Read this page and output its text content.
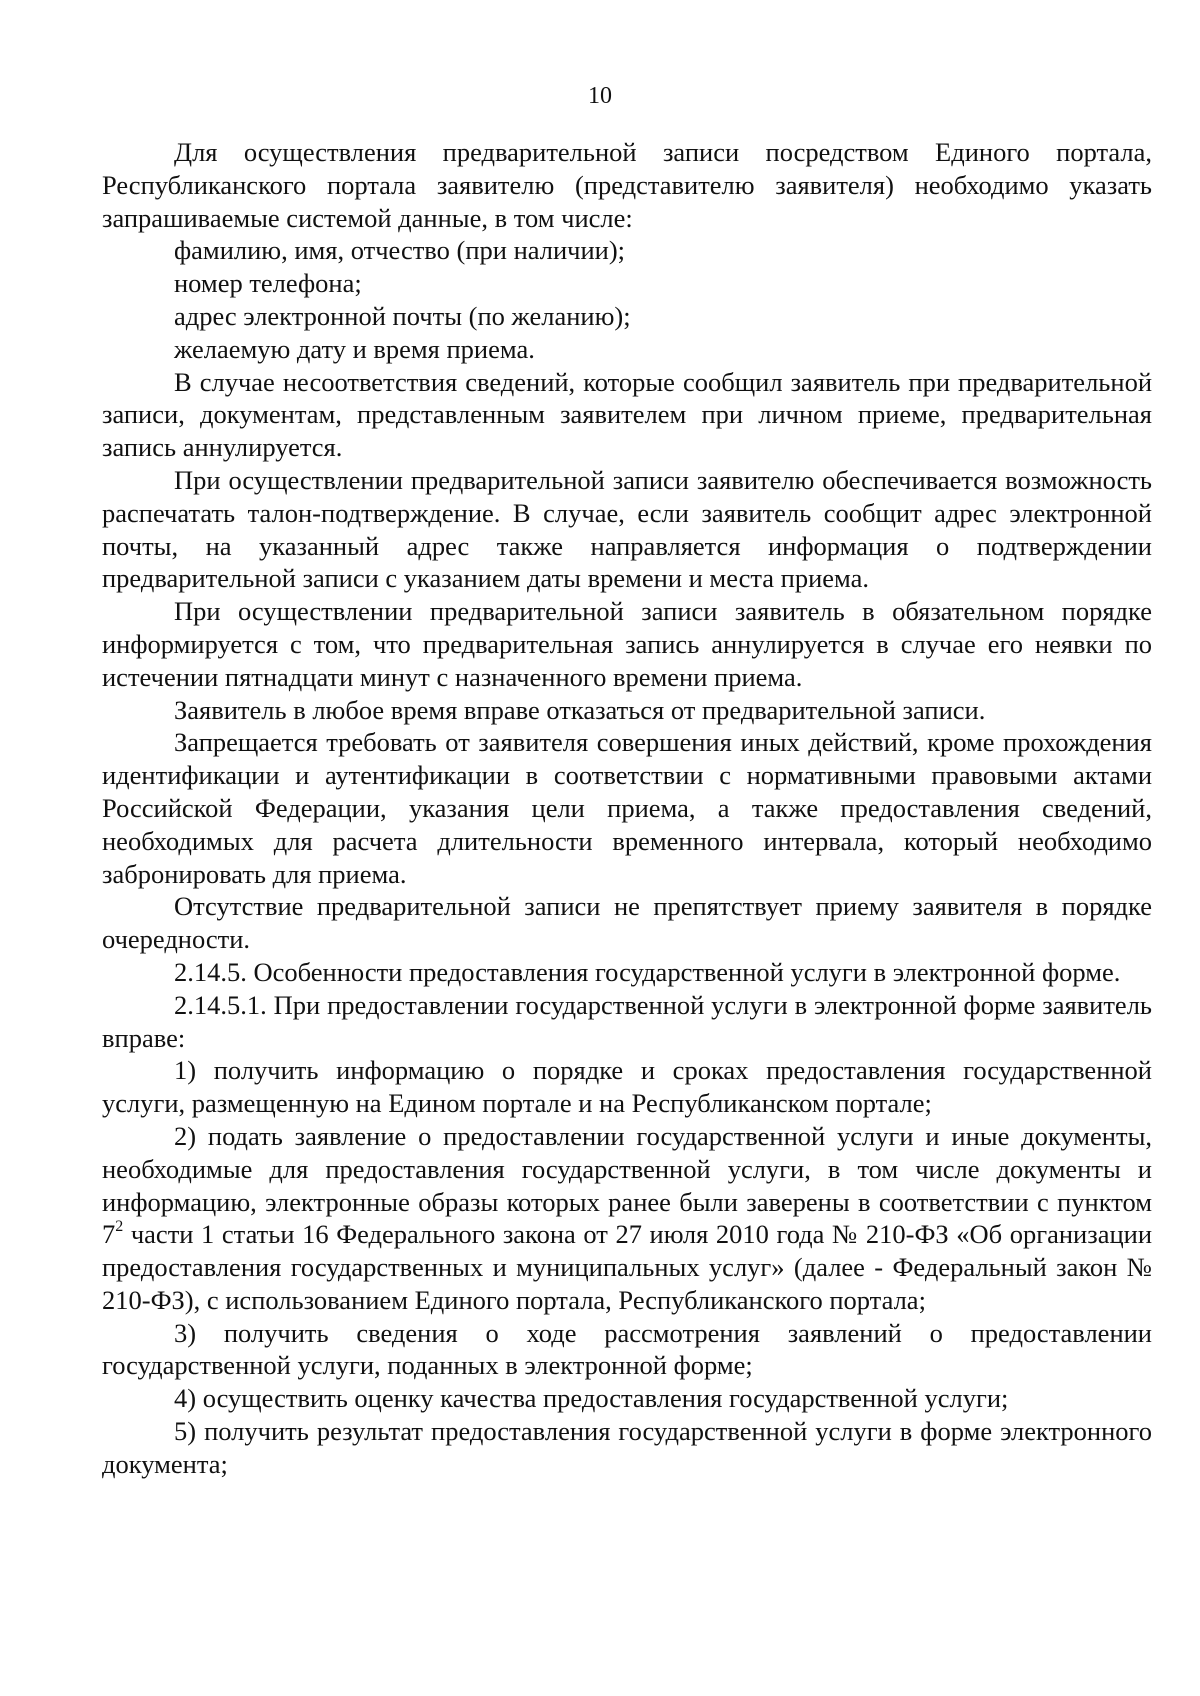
10

Для осуществления предварительной записи посредством Единого портала, Республиканского портала заявителю (представителю заявителя) необходимо указать запрашиваемые системой данные, в том числе:

фамилию, имя, отчество (при наличии);

номер телефона;

адрес электронной почты (по желанию);

желаемую дату и время приема.

В случае несоответствия сведений, которые сообщил заявитель при предварительной записи, документам, представленным заявителем при личном приеме, предварительная запись аннулируется.

При осуществлении предварительной записи заявителю обеспечивается возможность распечатать талон-подтверждение. В случае, если заявитель сообщит адрес электронной почты, на указанный адрес также направляется информация о подтверждении предварительной записи с указанием даты времени и места приема.

При осуществлении предварительной записи заявитель в обязательном порядке информируется с том, что предварительная запись аннулируется в случае его неявки по истечении пятнадцати минут с назначенного времени приема.

Заявитель в любое время вправе отказаться от предварительной записи.

Запрещается требовать от заявителя совершения иных действий, кроме прохождения идентификации и аутентификации в соответствии с нормативными правовыми актами Российской Федерации, указания цели приема, а также предоставления сведений, необходимых для расчета длительности временного интервала, который необходимо забронировать для приема.

Отсутствие предварительной записи не препятствует приему заявителя в порядке очередности.

2.14.5. Особенности предоставления государственной услуги в электронной форме.

2.14.5.1. При предоставлении государственной услуги в электронной форме заявитель вправе:

1) получить информацию о порядке и сроках предоставления государственной услуги, размещенную на Едином портале и на Республиканском портале;

2) подать заявление о предоставлении государственной услуги и иные документы, необходимые для предоставления государственной услуги, в том числе документы и информацию, электронные образы которых ранее были заверены в соответствии с пунктом $7^2$ части 1 статьи 16 Федерального закона от 27 июля 2010 года № 210-ФЗ «Об организации предоставления государственных и муниципальных услуг» (далее - Федеральный закон № 210-ФЗ), с использованием Единого портала, Республиканского портала;

3) получить сведения о ходе рассмотрения заявлений о предоставлении государственной услуги, поданных в электронной форме;

4) осуществить оценку качества предоставления государственной услуги;

5) получить результат предоставления государственной услуги в форме электронного документа;
